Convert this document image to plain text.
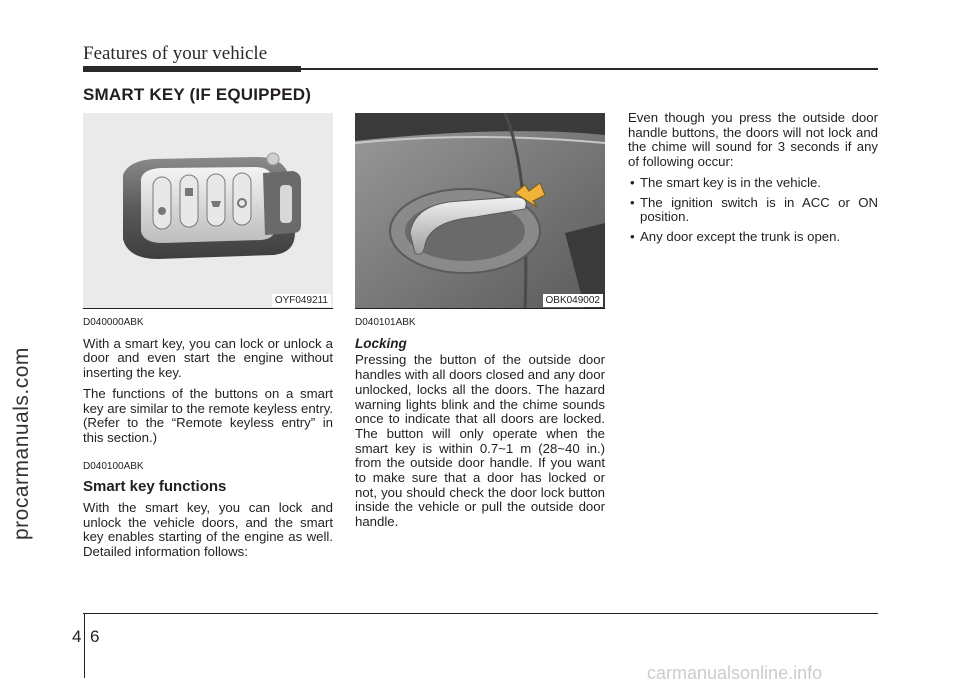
Features of your vehicle
SMART KEY (IF EQUIPPED)
procarmanuals.com
carmanualsonline.info
OYF049211	OBK049002
D040000ABK

With a smart key, you can lock or unlock a door and even start the engine without inserting the key.

The functions of the buttons on a smart key are similar to the remote keyless entry. (Refer to the “Remote keyless entry” in this section.)

D040100ABK
Smart key functions

With the smart key, you can lock and unlock the vehicle doors, and the smart key enables starting of the engine as well. Detailed information follows:

D040101ABK
Locking

Pressing the button of the outside door handles with all doors closed and any door unlocked, locks all the doors. The hazard warning lights blink and the chime sounds once to indicate that all doors are locked. The button will only operate when the smart key is within 0.7~1 m (28~40 in.) from the outside door handle. If you want to make sure that a door has locked or not, you should check the door lock button inside the vehicle or pull the outside door handle.

Even though you press the outside door handle buttons, the doors will not lock and the chime will sound for 3 seconds if any of following occur:

• The smart key is in the vehicle.
• The ignition switch is in ACC or ON position.
• Any door except the trunk is open.
4 6
